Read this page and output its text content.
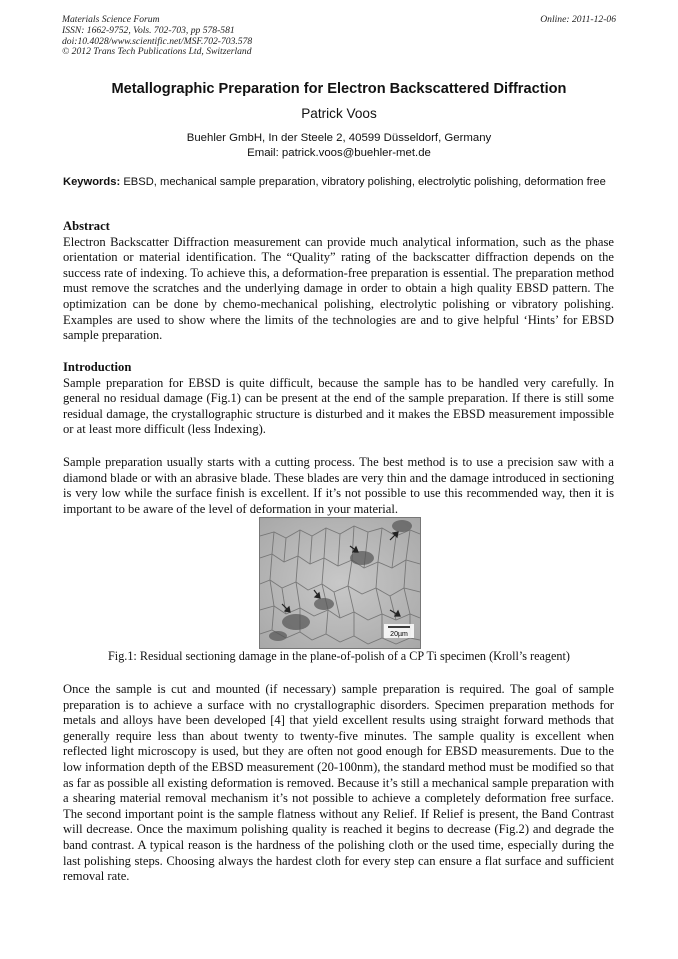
Materials Science Forum
ISSN: 1662-9752, Vols. 702-703, pp 578-581
doi:10.4028/www.scientific.net/MSF.702-703.578
© 2012 Trans Tech Publications Ltd, Switzerland
Online: 2011-12-06
Metallographic Preparation for Electron Backscattered Diffraction
Patrick Voos
Buehler GmbH, In der Steele 2, 40599 Düsseldorf, Germany
Email: patrick.voos@buehler-met.de
Keywords: EBSD, mechanical sample preparation, vibratory polishing, electrolytic polishing, deformation free
Abstract

Electron Backscatter Diffraction measurement can provide much analytical information, such as the phase orientation or material identification. The “Quality” rating of the backscatter diffraction depends on the success rate of indexing. To achieve this, a deformation-free preparation is essential. The preparation method must remove the scratches and the underlying damage in order to obtain a high quality EBSD pattern. The optimization can be done by chemo-mechanical polishing, electrolytic polishing or vibratory polishing. Examples are used to show where the limits of the technologies are and to give helpful ‘Hints’ for EBSD sample preparation.

Introduction

Sample preparation for EBSD is quite difficult, because the sample has to be handled very carefully. In general no residual damage (Fig.1) can be present at the end of the sample preparation. If there is still some residual damage, the crystallographic structure is disturbed and it makes the EBSD measurement impossible or at least more difficult (less Indexing).

Sample preparation usually starts with a cutting process. The best method is to use a precision saw with a diamond blade or with an abrasive blade. These blades are very thin and the damage introduced in sectioning is very low while the surface finish is excellent. If it’s not possible to use this recommended way, then it is important to be aware of the level of deformation in your material.

20µm
Fig.1: Residual sectioning damage in the plane-of-polish of a CP Ti specimen (Kroll’s reagent)

Once the sample is cut and mounted (if necessary) sample preparation is required. The goal of sample preparation is to achieve a surface with no crystallographic disorders. Specimen preparation methods for metals and alloys have been developed [4] that yield excellent results using straight forward methods that generally require less than about twenty to twenty-five minutes. The sample quality is excellent when reflected light microscopy is used, but they are often not good enough for EBSD measurements. Due to the low information depth of the EBSD measurement (20-100nm), the standard method must be modified so that as far as possible all existing deformation is removed. Because it’s still a mechanical sample preparation with a shearing material removal mechanism it’s not possible to achieve a completely deformation free surface. The second important point is the sample flatness without any Relief. If Relief is present, the Band Contrast will decrease. Once the maximum polishing quality is reached it begins to decrease (Fig.2) and degrade the band contrast. A typical reason is the hardness of the polishing cloth or the used time, especially during the last polishing steps. Choosing always the hardest cloth for every step can ensure a flat surface and sufficient removal rate.
